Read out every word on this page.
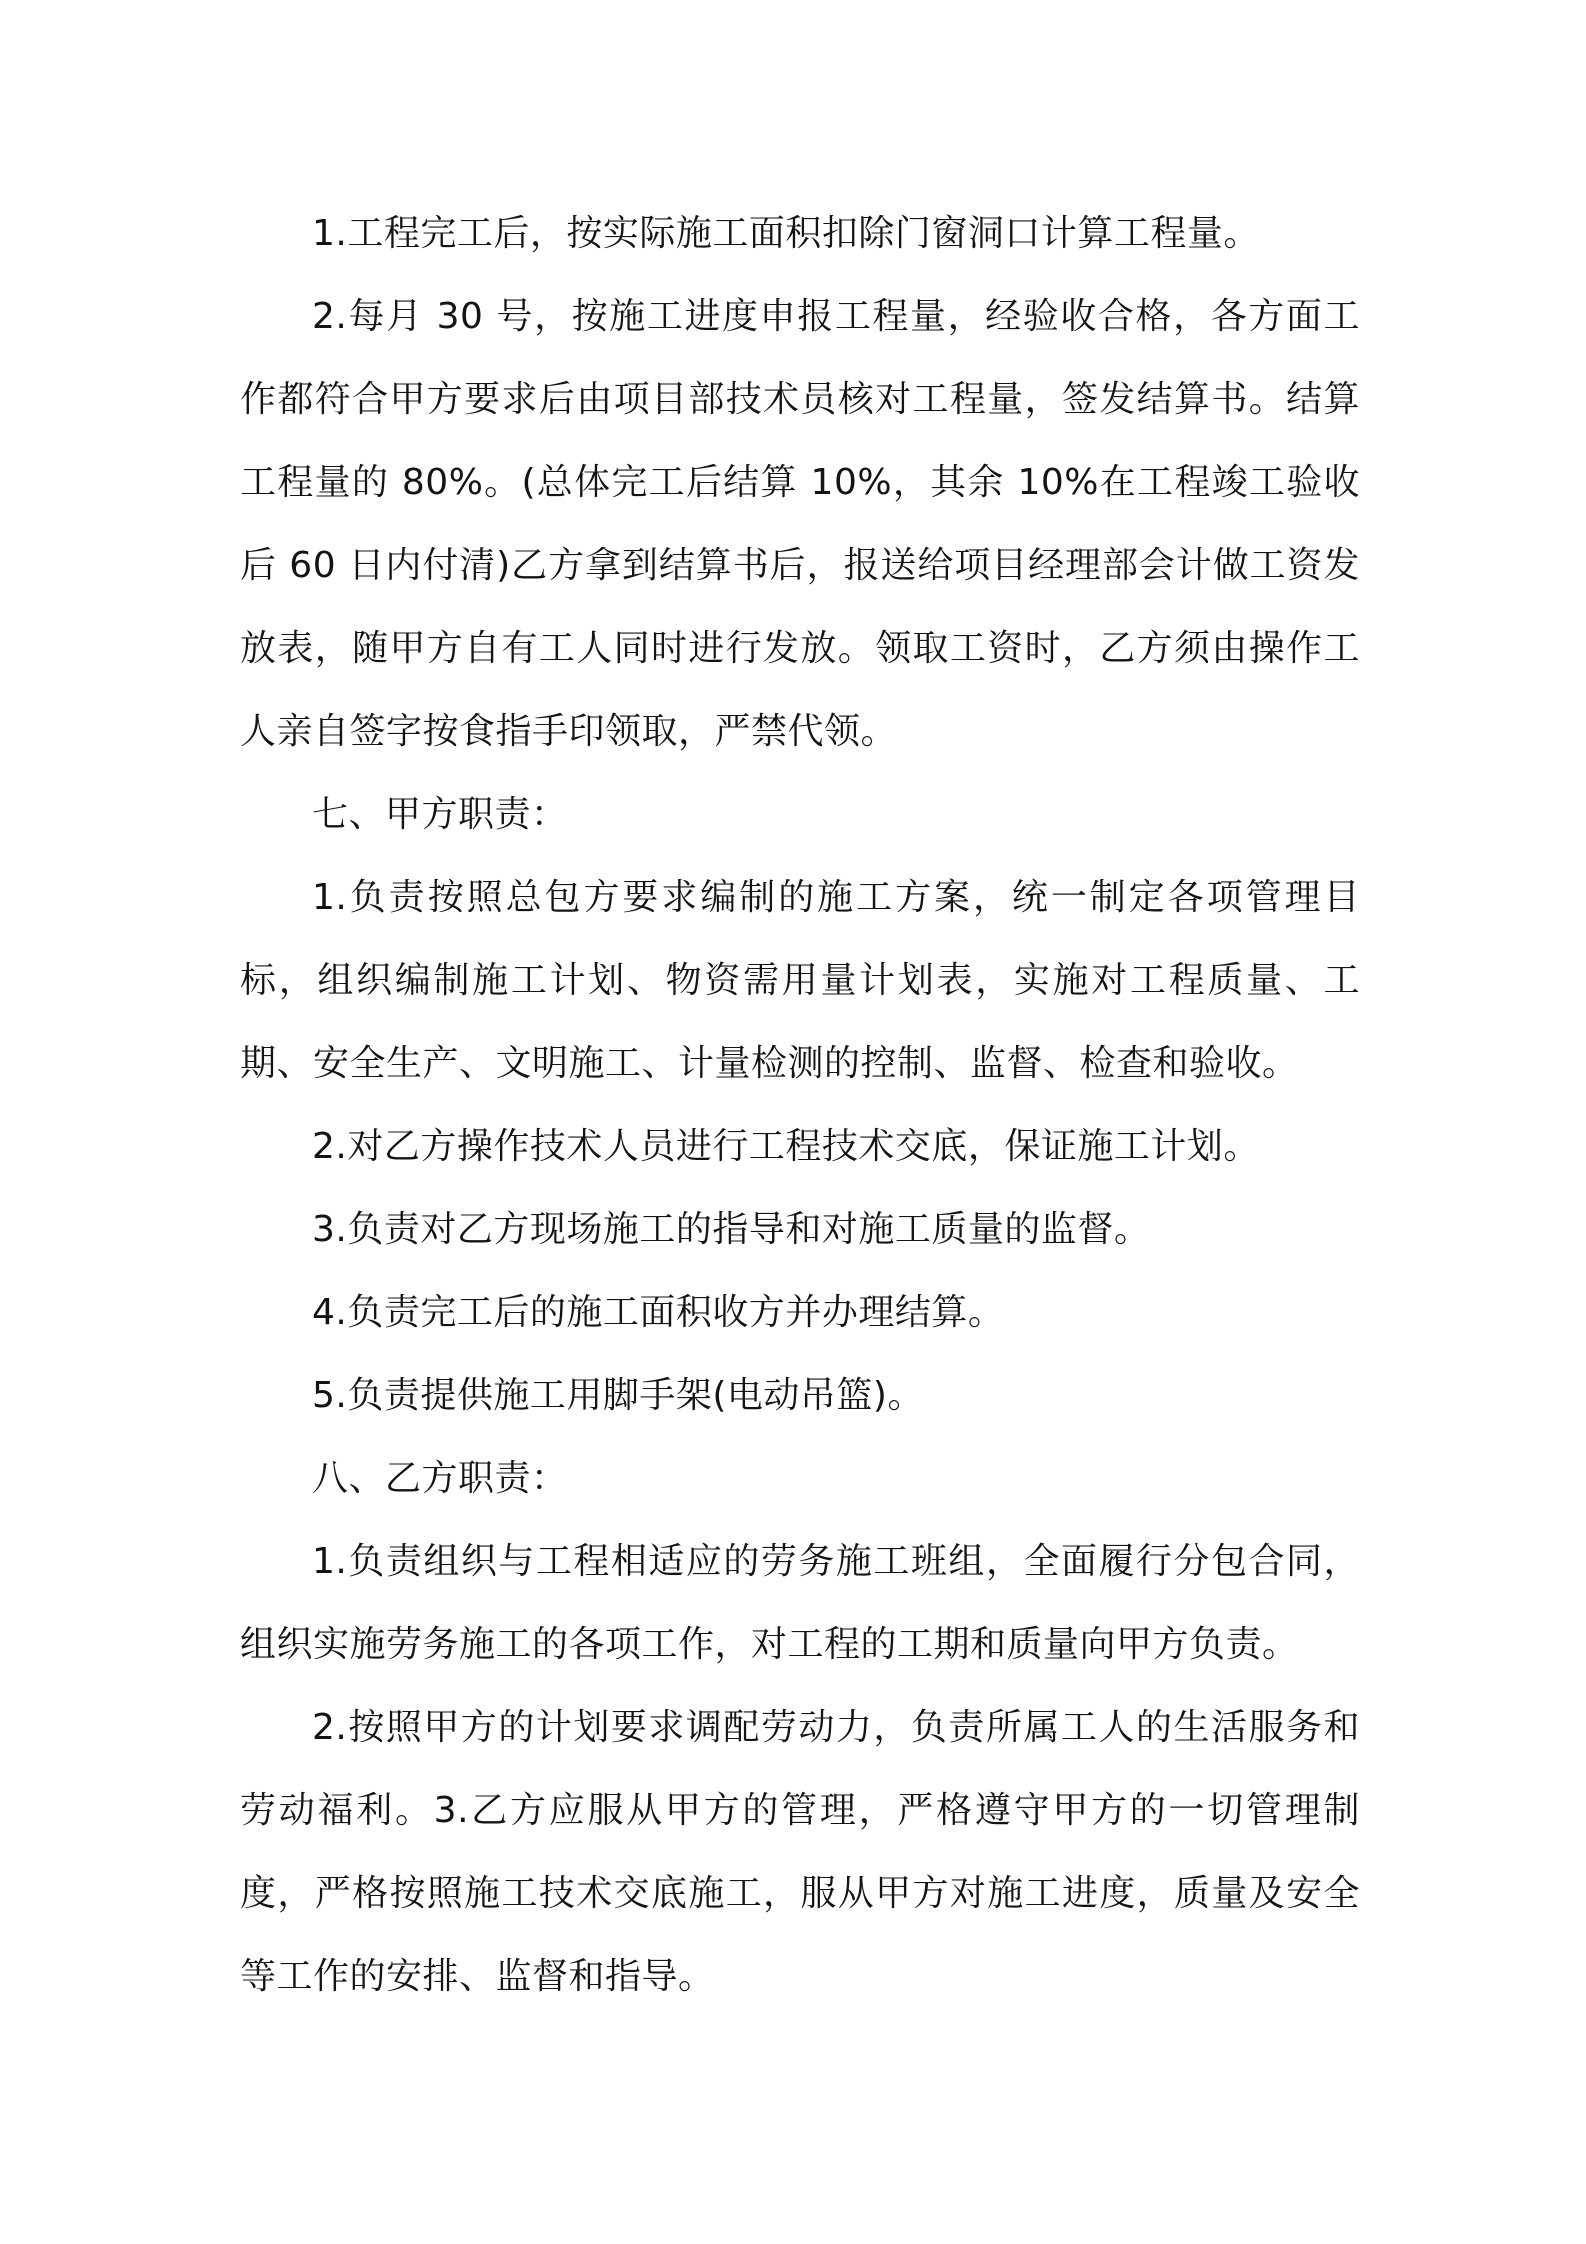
1.工程完工后，按实际施工面积扣除门窗洞口计算工程量。

2.每月 30 号，按施工进度申报工程量，经验收合格，各方面工作都符合甲方要求后由项目部技术员核对工程量，签发结算书。结算工程量的 80%。(总体完工后结算 10%，其余 10%在工程竣工验收后 60 日内付清)乙方拿到结算书后，报送给项目经理部会计做工资发放表，随甲方自有工人同时进行发放。领取工资时，乙方须由操作工人亲自签字按食指手印领取，严禁代领。

七、甲方职责：

1.负责按照总包方要求编制的施工方案，统一制定各项管理目标，组织编制施工计划、物资需用量计划表，实施对工程质量、工期、安全生产、文明施工、计量检测的控制、监督、检查和验收。

2.对乙方操作技术人员进行工程技术交底，保证施工计划。

3.负责对乙方现场施工的指导和对施工质量的监督。

4.负责完工后的施工面积收方并办理结算。

5.负责提供施工用脚手架(电动吊篮)。

八、乙方职责：

1.负责组织与工程相适应的劳务施工班组，全面履行分包合同，组织实施劳务施工的各项工作，对工程的工期和质量向甲方负责。

2.按照甲方的计划要求调配劳动力，负责所属工人的生活服务和劳动福利。3.乙方应服从甲方的管理，严格遵守甲方的一切管理制度，严格按照施工技术交底施工，服从甲方对施工进度，质量及安全等工作的安排、监督和指导。
